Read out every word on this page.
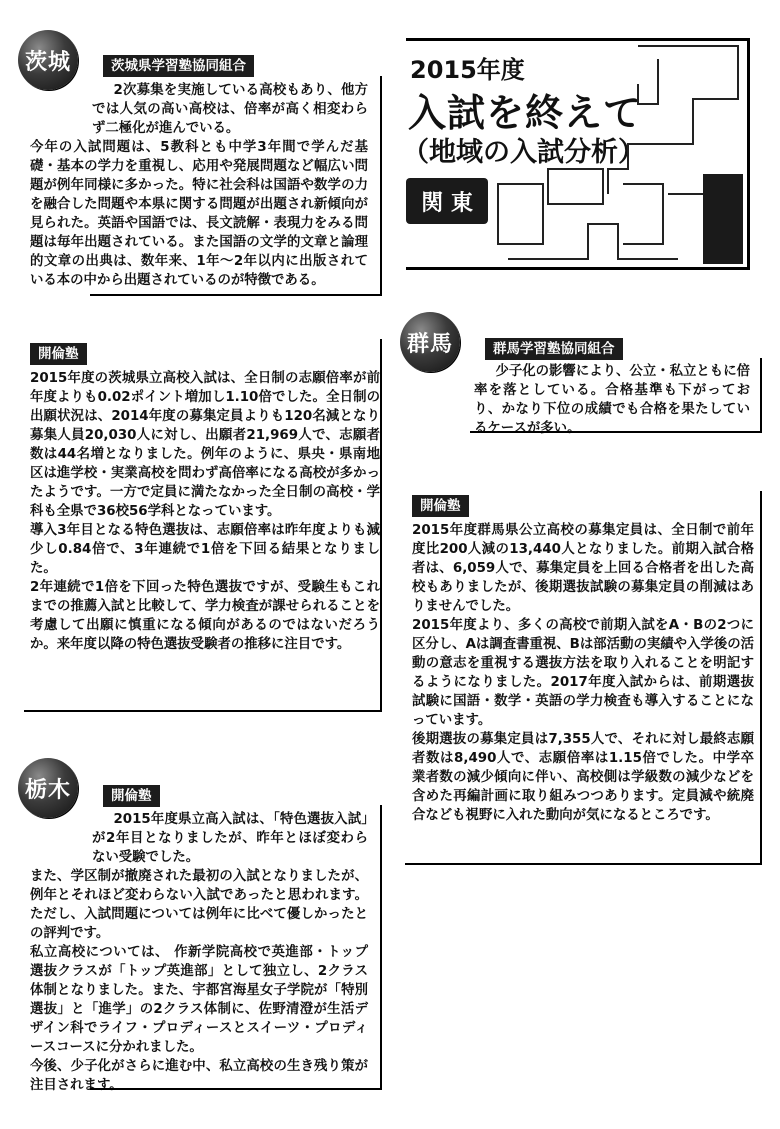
2015年度
入試を終えて
（地域の入試分析）
関 東
茨城	茨城県学習塾協同組合

2次募集を実施している高校もあり、他方では人気の高い高校は、倍率が高く相変わらず二極化が進んでいる。

今年の入試問題は、5教科とも中学3年間で学んだ基礎・基本の学力を重視し、応用や発展問題など幅広い問題が例年同様に多かった。特に社会科は国語や数学の力を融合した問題や本県に関する問題が出題され新傾向が見られた。英語や国語では、長文読解・表現力をみる問題は毎年出題されている。また国語の文学的文章と論理的文章の出典は、数年来、1年〜2年以内に出版されている本の中から出題されているのが特徴である。

開倫塾

2015年度の茨城県立高校入試は、全日制の志願倍率が前年度よりも0.02ポイント増加し1.10倍でした。全日制の出願状況は、2014年度の募集定員よりも120名減となり募集人員20,030人に対し、出願者21,969人で、志願者数は44名増となりました。例年のように、県央・県南地区は進学校・実業高校を問わず高倍率になる高校が多かったようです。一方で定員に満たなかった全日制の高校・学科も全県で36校56学科となっています。

導入3年目となる特色選抜は、志願倍率は昨年度よりも減少し0.84倍で、3年連続で1倍を下回る結果となりました。

2年連続で1倍を下回った特色選抜ですが、受験生もこれまでの推薦入試と比較して、学力検査が課せられることを考慮して出願に慎重になる傾向があるのではないだろうか。来年度以降の特色選抜受験者の推移に注目です。

栃木	開倫塾

2015年度県立高入試は、「特色選抜入試」が2年目となりましたが、昨年とほぼ変わらない受験でした。

また、学区制が撤廃された最初の入試となりましたが、例年とそれほど変わらない入試であったと思われます。ただし、入試問題については例年に比べて優しかったとの評判です。

私立高校については、 作新学院高校で英進部・トップ選抜クラスが「トップ英進部」として独立し、2クラス体制となりました。また、宇都宮海星女子学院が「特別選抜」と「進学」の2クラス体制に、佐野清澄が生活デザイン科でライフ・プロディースとスイーツ・プロディースコースに分かれました。

今後、少子化がさらに進む中、私立高校の生き残り策が注目されます。

群馬	群馬学習塾協同組合

少子化の影響により、公立・私立ともに倍率を落としている。合格基準も下がっており、かなり下位の成績でも合格を果たしているケースが多い。

開倫塾

2015年度群馬県公立高校の募集定員は、全日制で前年度比200人減の13,440人となりました。前期入試合格者は、6,059人で、募集定員を上回る合格者を出した高校もありましたが、後期選抜試験の募集定員の削減はありませんでした。

2015年度より、多くの高校で前期入試をA・Bの2つに区分し、Aは調査書重視、Bは部活動の実績や入学後の活動の意志を重視する選抜方法を取り入れることを明記するようになりました。2017年度入試からは、前期選抜試験に国語・数学・英語の学力検査も導入することになっています。

後期選抜の募集定員は7,355人で、それに対し最終志願者数は8,490人で、志願倍率は1.15倍でした。中学卒業者数の減少傾向に伴い、高校側は学級数の減少などを含めた再編計画に取り組みつつあります。定員減や統廃合なども視野に入れた動向が気になるところです。
